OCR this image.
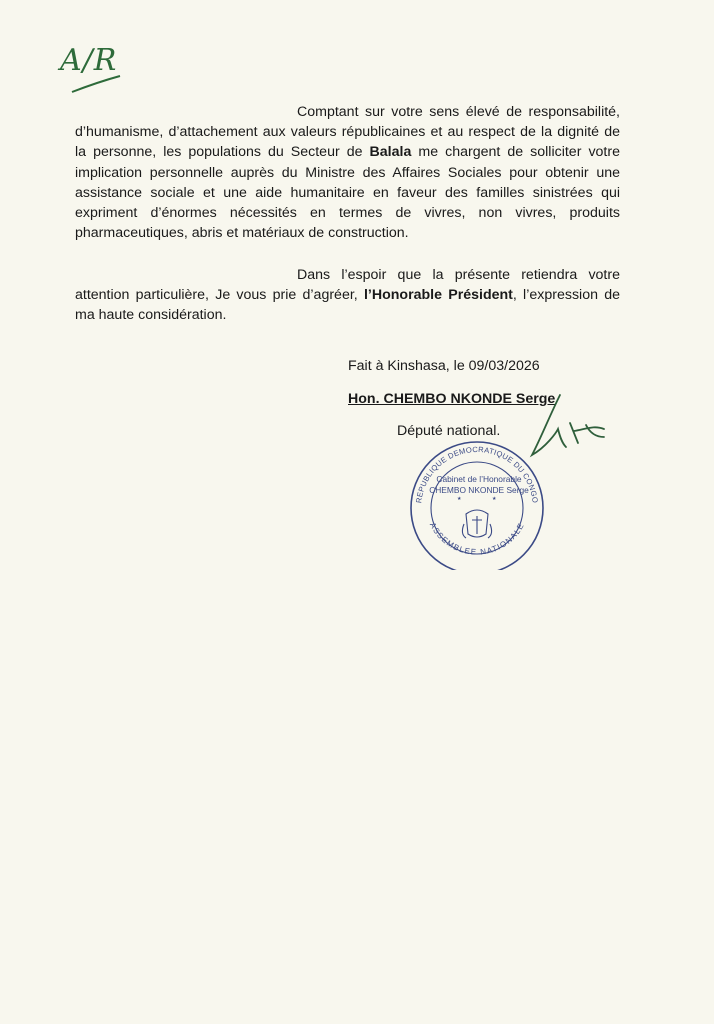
A/R
Comptant sur votre sens élevé de responsabilité, d’humanisme, d’attachement aux valeurs républicaines et au respect de la dignité de la personne, les populations du Secteur de Balala me chargent de solliciter votre implication personnelle auprès du Ministre des Affaires Sociales pour obtenir une assistance sociale et une aide humanitaire en faveur des familles sinistrées qui expriment d’énormes nécessités en termes de vivres, non vivres, produits pharmaceutiques, abris et matériaux de construction.
Dans l’espoir que la présente retiendra votre attention particulière, Je vous prie d’agréer, l’Honorable Président, l’expression de ma haute considération.
Fait à Kinshasa, le 09/03/2026
Hon. CHEMBO NKONDE Serge
Député national.
REPUBLIQUE DEMOCRATIQUE DU CONGO
ASSEMBLEE NATIONALE
★	★
Cabinet de l’Honorable
CHEMBO NKONDE Serge
